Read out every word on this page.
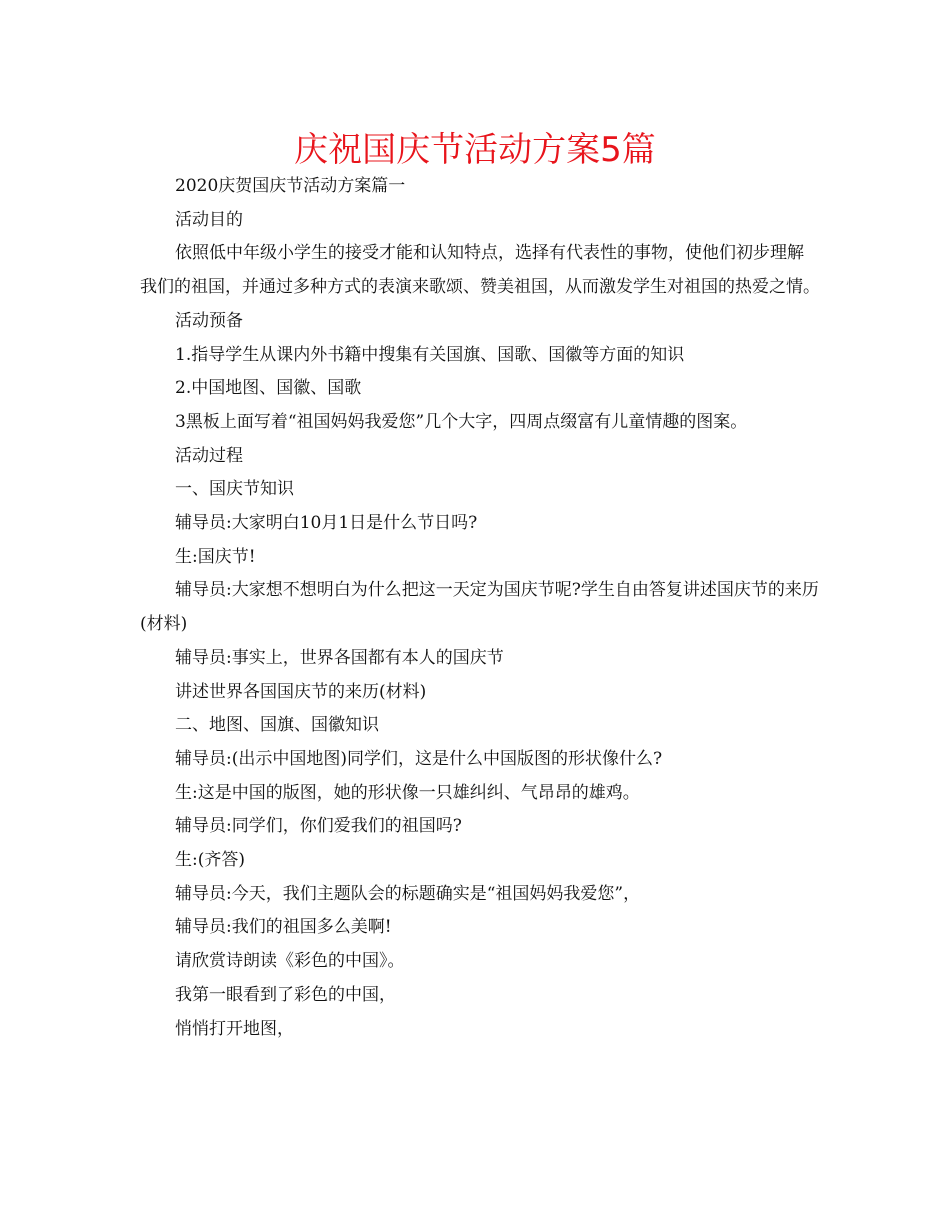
庆祝国庆节活动方案5篇

2020庆贺国庆节活动方案篇一

活动目的

依照低中年级小学生的接受才能和认知特点，选择有代表性的事物，使他们初步理解我们的祖国，并通过多种方式的表演来歌颂、赞美祖国，从而激发学生对祖国的热爱之情。

活动预备

1.指导学生从课内外书籍中搜集有关国旗、国歌、国徽等方面的知识

2.中国地图、国徽、国歌

3黑板上面写着“祖国妈妈我爱您”几个大字，四周点缀富有儿童情趣的图案。

活动过程

一、国庆节知识

辅导员:大家明白10月1日是什么节日吗?

生:国庆节!

辅导员:大家想不想明白为什么把这一天定为国庆节呢?学生自由答复讲述国庆节的来历(材料)

辅导员:事实上，世界各国都有本人的国庆节

讲述世界各国国庆节的来历(材料)

二、地图、国旗、国徽知识

辅导员:(出示中国地图)同学们，这是什么中国版图的形状像什么?

生:这是中国的版图，她的形状像一只雄纠纠、气昂昂的雄鸡。

辅导员:同学们，你们爱我们的祖国吗?

生:(齐答)

辅导员:今天，我们主题队会的标题确实是“祖国妈妈我爱您”，

辅导员:我们的祖国多么美啊!

请欣赏诗朗读《彩色的中国》。

我第一眼看到了彩色的中国，

悄悄打开地图，
